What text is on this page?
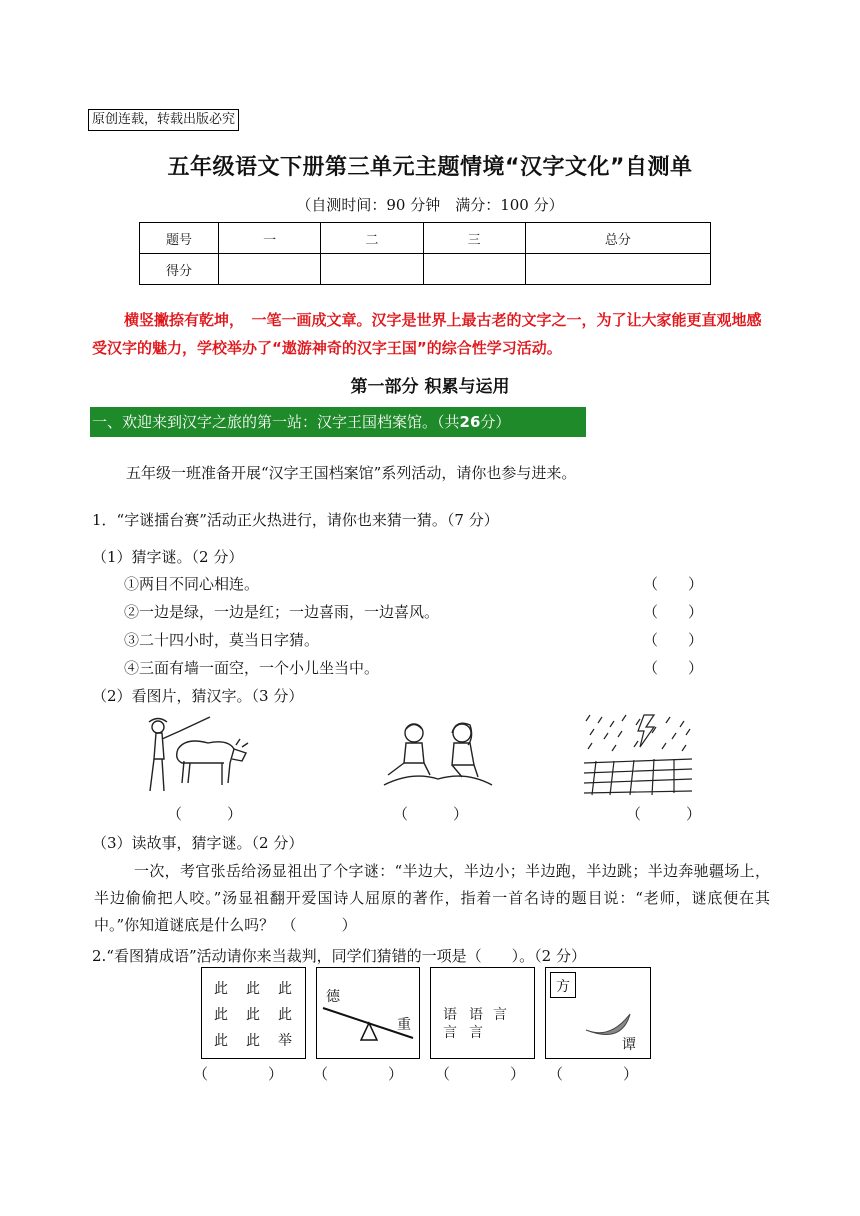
原创连载，转载出版必究
五年级语文下册第三单元主题情境“汉字文化”自测单
（自测时间：90 分钟　满分：100 分）
题号	一	二	三	总分
得分				
横竖撇捺有乾坤，　一笔一画成文章。汉字是世界上最古老的文字之一，为了让大家能更直观地感受汉字的魅力，学校举办了“遨游神奇的汉字王国”的综合性学习活动。
第一部分 积累与运用
一、欢迎来到汉字之旅的第一站：汉字王国档案馆。（共26分）
五年级一班准备开展“汉字王国档案馆”系列活动，请你也参与进来。
1．“字谜擂台赛”活动正火热进行，请你也来猜一猜。（7 分）
（1）猜字谜。（2 分）
①两目不同心相连。	（　　）
②一边是绿，一边是红；一边喜雨，一边喜风。	（　　）
③二十四小时，莫当日字猜。	（　　）
④三面有墙一面空，一个小儿坐当中。	（　　）
（2）看图片，猜汉字。（3 分）
（　　　）	（　　　）	（　　　）
（3）读故事，猜字谜。（2 分）
一次，考官张岳给汤显祖出了个字谜：“半边大，半边小；半边跑，半边跳；半边奔驰疆场上，半边偷偷把人咬。”汤显祖翻开爱国诗人屈原的著作，指着一首名诗的题目说：“老师，谜底便在其中。”你知道谜底是什么吗？　（　　　）
2.“看图猜成语”活动请你来当裁判，同学们猜错的一项是（　　）。（2 分）
此 此 此
此 此 此
此 此 举
德
重
语 语 言
言 言
方
谭
（　　　　） （　　　　） （　　　　） （　　　　）
